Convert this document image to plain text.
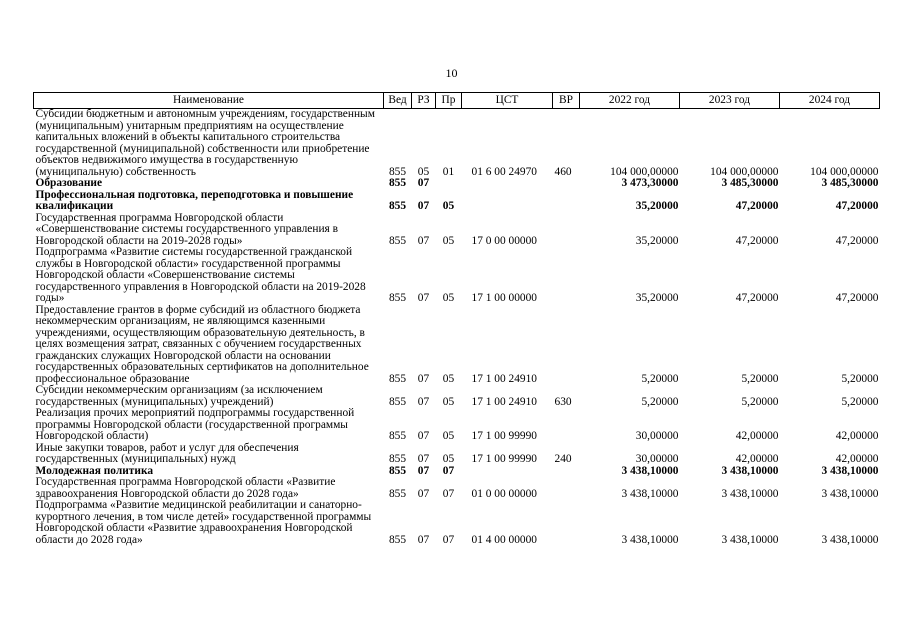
10
Наименование	Вед	РЗ	Пр	ЦСТ	ВР	2022 год	2023 год	2024 год
Субсидии бюджетным и автономным учреждениям, государственным (муниципальным) унитарным предприятиям на осуществление капитальных вложений в объекты капитального строительства государственной (муниципальной) собственности или приобретение объектов недвижимого имущества в государственную (муниципальную) собственность	855	05	01	01 6 00 24970	460	104 000,00000	104 000,00000	104 000,00000
Образование	855	07				3 473,30000	3 485,30000	3 485,30000
Профессиональная подготовка, переподготовка и повышение квалификации	855	07	05			35,20000	47,20000	47,20000
Государственная программа Новгородской области «Совершенствование системы государственного управления в Новгородской области на 2019-2028 годы»	855	07	05	17 0 00 00000		35,20000	47,20000	47,20000
Подпрограмма «Развитие системы государственной гражданской службы в Новгородской области» государственной программы Новгородской области «Совершенствование системы государственного управления в Новгородской области на 2019-2028 годы»	855	07	05	17 1 00 00000		35,20000	47,20000	47,20000
Предоставление грантов в форме субсидий из областного бюджета некоммерческим организациям, не являющимся казенными учреждениями, осуществляющим образовательную деятельность, в целях возмещения затрат, связанных с обучением государственных гражданских служащих Новгородской области на основании государственных образовательных сертификатов на дополнительное профессиональное образование	855	07	05	17 1 00 24910		5,20000	5,20000	5,20000
Субсидии некоммерческим организациям (за исключением государственных (муниципальных) учреждений)	855	07	05	17 1 00 24910	630	5,20000	5,20000	5,20000
Реализация прочих мероприятий подпрограммы государственной программы Новгородской области (государственной программы Новгородской области)	855	07	05	17 1 00 99990		30,00000	42,00000	42,00000
Иные закупки товаров, работ и услуг для обеспечения государственных (муниципальных) нужд	855	07	05	17 1 00 99990	240	30,00000	42,00000	42,00000
Молодежная политика	855	07	07			3 438,10000	3 438,10000	3 438,10000
Государственная программа Новгородской области «Развитие здравоохранения Новгородской области до 2028 года»	855	07	07	01 0 00 00000		3 438,10000	3 438,10000	3 438,10000
Подпрограмма «Развитие медицинской реабилитации и санаторно-курортного лечения, в том числе детей» государственной программы Новгородской области «Развитие здравоохранения Новгородской области до 2028 года»	855	07	07	01 4 00 00000		3 438,10000	3 438,10000	3 438,10000
